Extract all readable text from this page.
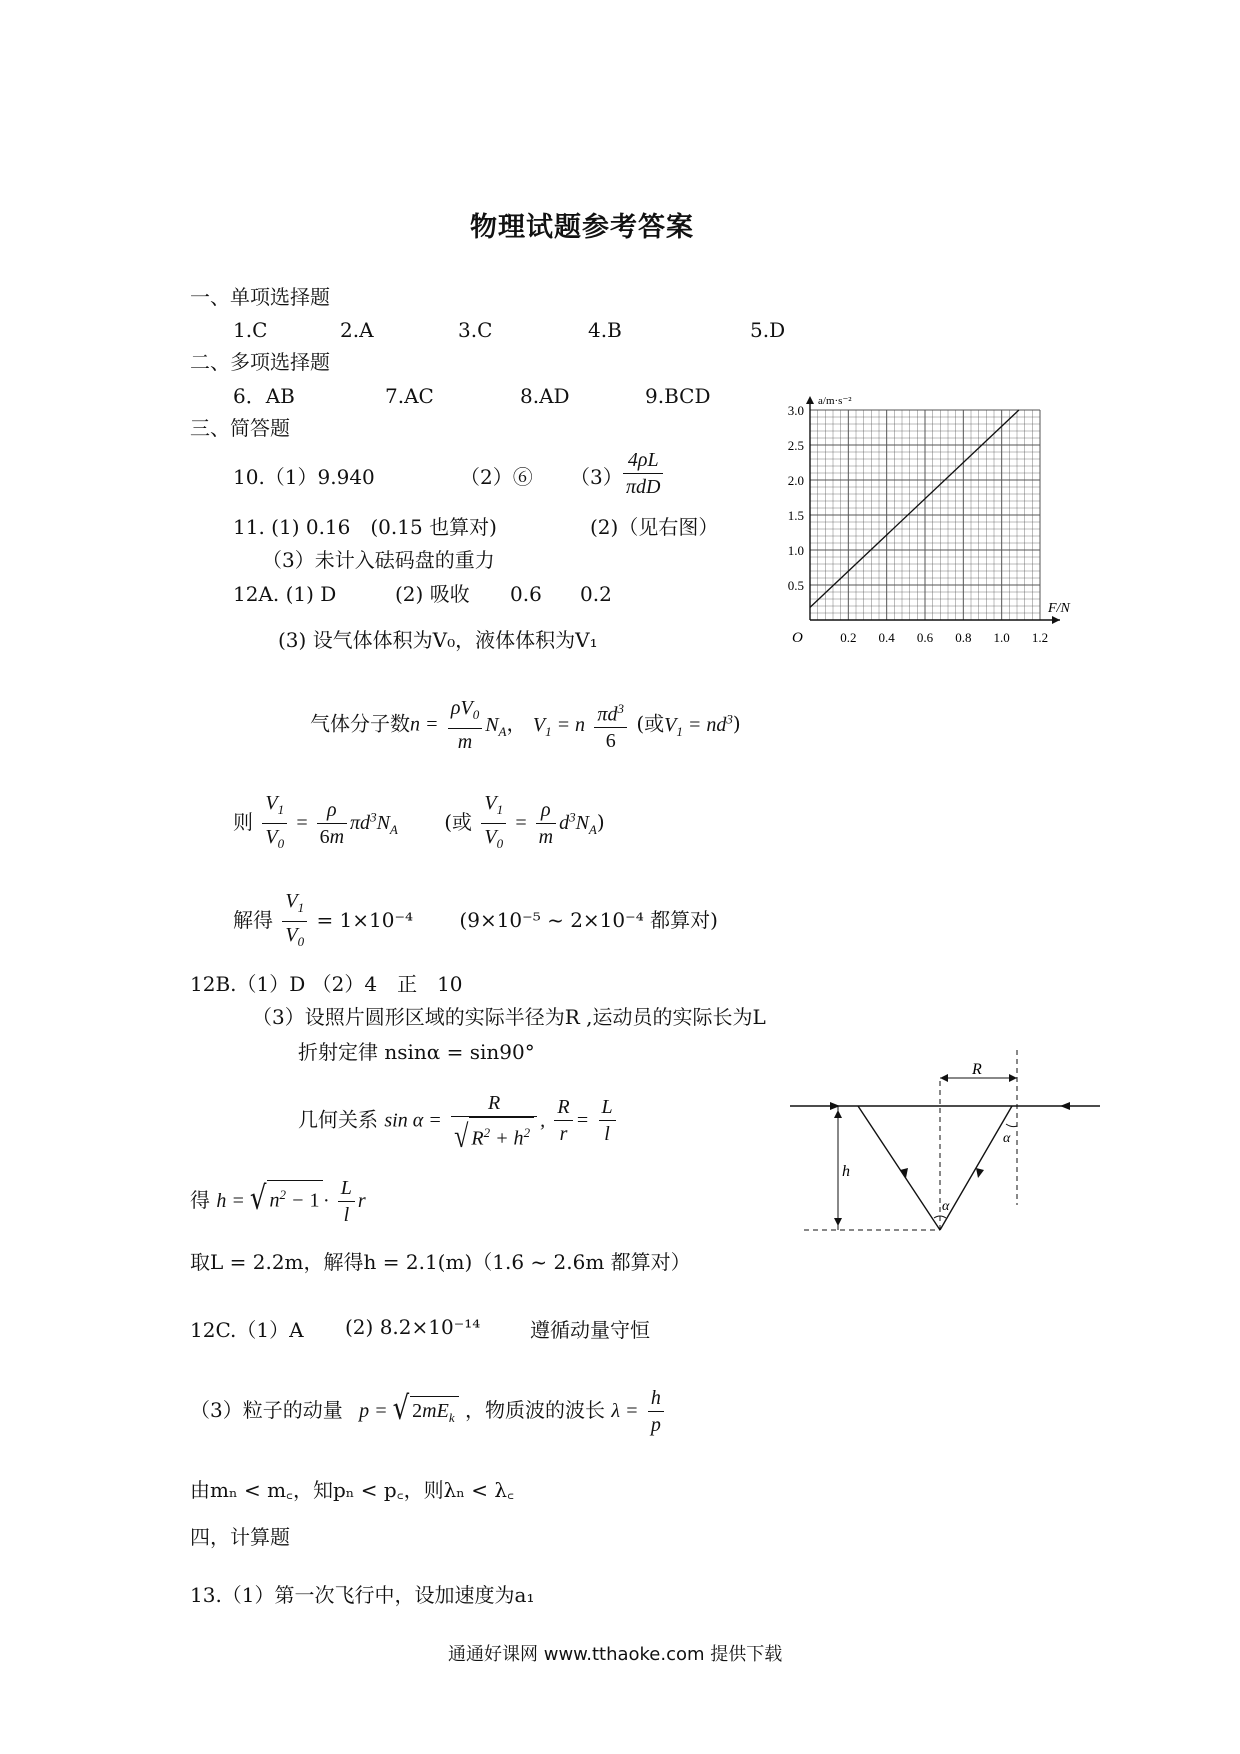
物理试题参考答案
一、单项选择题
1.C	2.A	3.C	4.B	5.D
二、多项选择题
6．AB	7.AC	8.AD	9.BCD
三、简答题
10.（1）9.940	（2）⑥ $(3) \frac{4\rho L}{\text{πdD}}$
11. (1) 0.16　(0.15 也算对)	(2)（见右图）
（3）未计入砝码盘的重力
12A. (1) D	(2) 吸收 0.6 0.2
(3) 设气体体积为V₀，液体体积为V₁
气体分子数$n = \frac{\rho V_0}{m} N_A$， $V_1 = n \frac{\pi d^3}{6}$ (或$V_1 = nd^3$)
则 $\frac{V_1}{V_0} = \frac{\rho}{6m} \pi d^3N_A$ (或 $\frac{V_1}{V_0} = \frac{\rho}{m} d^3N_A$)
解得 $\frac{V_1}{V_0} = 1\times 10^{-4}$ (9×10⁻⁵ ~ 2×10⁻⁴ 都算对)
12B.（1）D （2）4　正　10
（3）设照片圆形区域的实际半径为R ,运动员的实际长为L
折射定律 nsinα = sin90°
几何关系 $\sin \alpha = \frac{R}{√ R^2 + h^2}$ , $\frac{R}{r} = \frac{L}{l}$
得 h = √ $n^2 - 1 \cdot \frac{L}{l}$ r
取L = 2.2m，解得h = 2.1(m)（1.6 ~ 2.6m 都算对）
12C.（1）A (2) 8.2×10⁻¹⁴ 遵循动量守恒
（3）粒子的动量 p = √ $2mE_k$ ，物质波的波长 $\lambda = \frac{h}{p}$
由mₙ < m꜀，知pₙ < p꜀，则λₙ < λ꜀
四，计算题
13.（1）第一次飞行中，设加速度为a₁
通通好课网 www.tthaoke.com 提供下载
0.5
1.0
1.5
2.0
2.5
3.0
0.2 0.4 0.6 0.8 1.0 1.2
O
a/m·s⁻²
F/N
h
R
α
α
